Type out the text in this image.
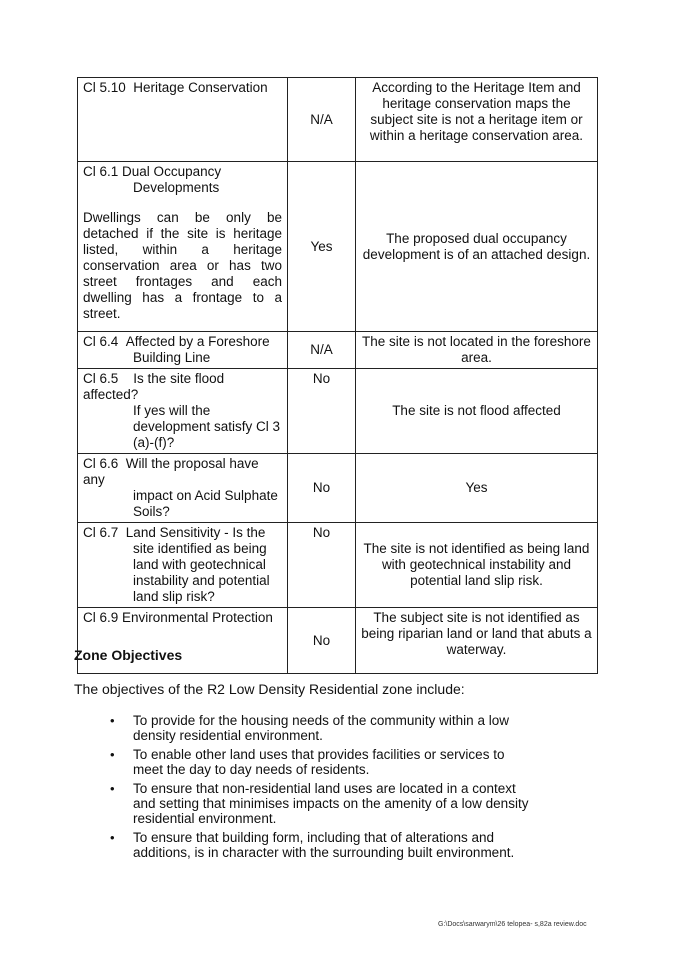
Cl 5.10 Heritage Conservation	N/A	According to the Heritage Item and heritage conservation maps the subject site is not a heritage item or within a heritage conservation area.

Cl 6.1 Dual Occupancy
Developments
Dwellings can be only be detached if the site is heritage listed, within a heritage conservation area or has two street frontages and each dwelling has a frontage to a street.	Yes	The proposed dual occupancy development is of an attached design.

Cl 6.4 Affected by a Foreshore
Building Line	N/A	The site is not located in the foreshore area.

Cl 6.5 Is the site flood affected?
If yes will the development satisfy Cl 3 (a)-(f)?	No	The site is not flood affected

Cl 6.6 Will the proposal have any
impact on Acid Sulphate Soils?	No	Yes

Cl 6.7 Land Sensitivity - Is the
site identified as being land with geotechnical instability and potential land slip risk?	No	The site is not identified as being land with geotechnical instability and potential land slip risk.

Cl 6.9 Environmental Protection	No	The subject site is not identified as being riparian land or land that abuts a waterway.
Zone Objectives

The objectives of the R2 Low Density Residential zone include:

• To provide for the housing needs of the community within a low density residential environment.
• To enable other land uses that provides facilities or services to meet the day to day needs of residents.
• To ensure that non-residential land uses are located in a context and setting that minimises impacts on the amenity of a low density residential environment.
• To ensure that building form, including that of alterations and additions, is in character with the surrounding built environment.
G:\Docs\sarwarym\26 telopea- s,82a review.doc
